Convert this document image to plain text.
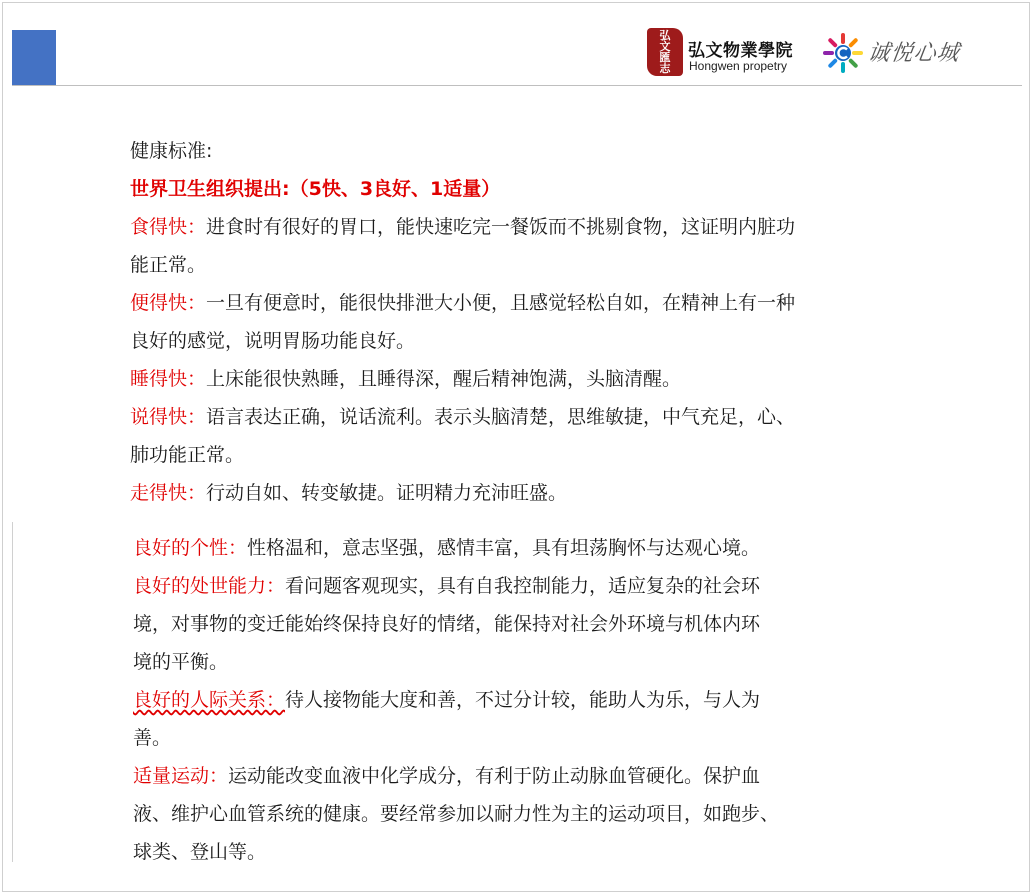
弘
文
匯
志
弘文物業學院
Hongwen propetry	诚悦心城
健康标准:
世界卫生组织提出:（5快、3良好、1适量）
食得快：进食时有很好的胃口，能快速吃完一餐饭而不挑剔食物，这证明内脏功
能正常。
便得快：一旦有便意时，能很快排泄大小便，且感觉轻松自如，在精神上有一种
良好的感觉，说明胃肠功能良好。
睡得快：上床能很快熟睡，且睡得深，醒后精神饱满，头脑清醒。
说得快：语言表达正确，说话流利。表示头脑清楚，思维敏捷，中气充足，心、
肺功能正常。
走得快：行动自如、转变敏捷。证明精力充沛旺盛。
良好的个性：性格温和，意志坚强，感情丰富，具有坦荡胸怀与达观心境。
良好的处世能力：看问题客观现实，具有自我控制能力，适应复杂的社会环
境，对事物的变迁能始终保持良好的情绪，能保持对社会外环境与机体内环
境的平衡。
良好的人际关系：待人接物能大度和善，不过分计较，能助人为乐，与人为
善。
适量运动：运动能改变血液中化学成分，有利于防止动脉血管硬化。保护血
液、维护心血管系统的健康。要经常参加以耐力性为主的运动项目，如跑步、
球类、登山等。
